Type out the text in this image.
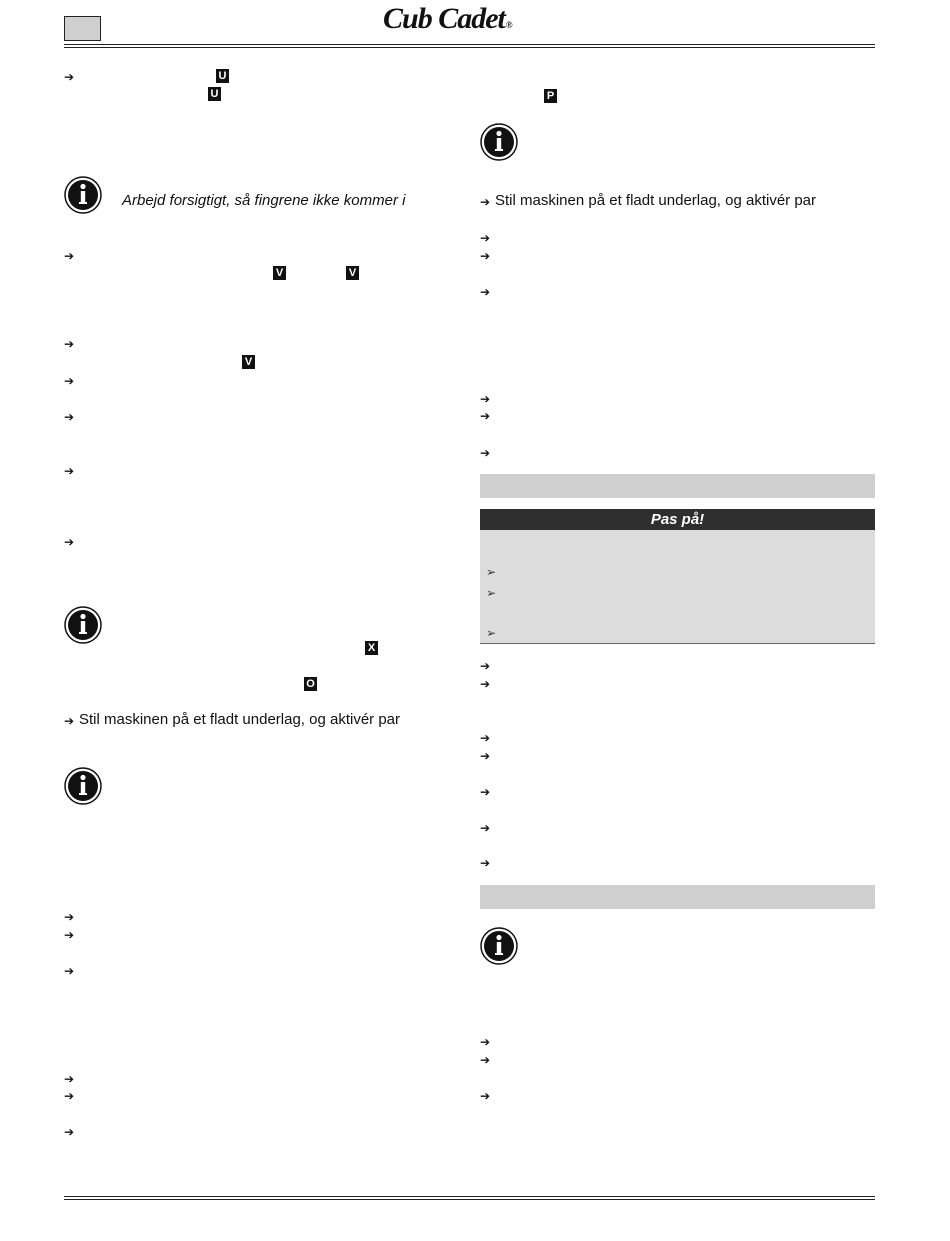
Cub Cadet®
➔	U
U
Arbejd forsigtigt, så fingrene ikke kommer i
➔
V	V
➔
V
➔
➔
➔
➔
X
O
➔ Stil maskinen på et fladt underlag, og aktivér par
➔
➔
➔
➔
➔
➔
P
➔ Stil maskinen på et fladt underlag, og aktivér par
➔
➔
➔
➔
➔
➔
Pas på!
➢
➢
➢
➔
➔
➔
➔
➔
➔
➔
➔
➔
➔
